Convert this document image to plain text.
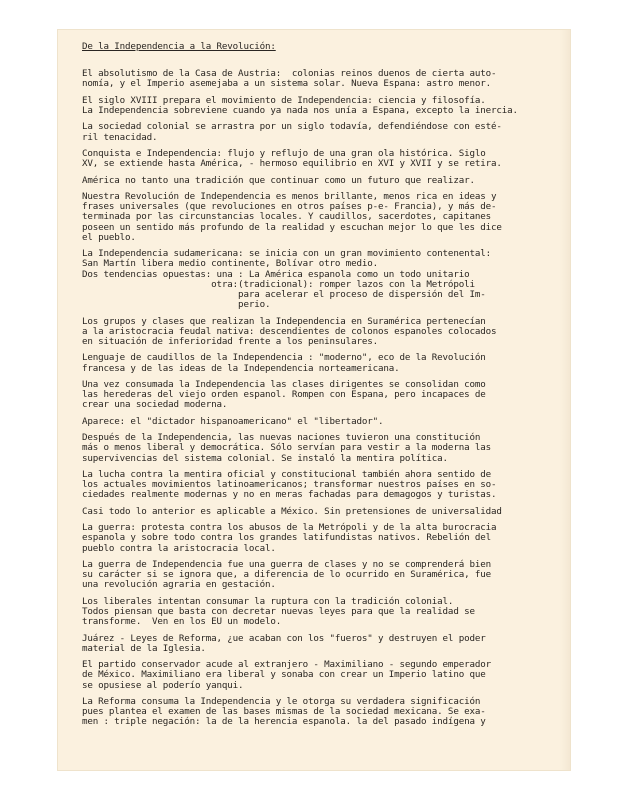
De la Independencia a la Revolución:
El absolutismo de la Casa de Austria:  colonias reinos duenos de cierta auto-
nomía, y el Imperio asemejaba a un sistema solar. Nueva Espana: astro menor.
El siglo XVIII prepara el movimiento de Independencia: ciencia y filosofía.
La Independencia sobreviene cuando ya nada nos unía a Espana, excepto la inercia.
La sociedad colonial se arrastra por un siglo todavía, defendiéndose con esté-
ril tenacidad.
Conquista e Independencia: flujo y reflujo de una gran ola histórica. Siglo
XV, se extiende hasta América, - hermoso equilibrio en XVI y XVII y se retira.
América no tanto una tradición que continuar como un futuro que realizar.
Nuestra Revolución de Independencia es menos brillante, menos rica en ideas y
frases universales (que revoluciones en otros países p-e- Francia), y más de-
terminada por las circunstancias locales. Y caudillos, sacerdotes, capitanes
poseen un sentido más profundo de la realidad y escuchan mejor lo que les dice
el pueblo.
La Independencia sudamericana: se inicia con un gran movimiento contenental:
San Martín libera medio continente, Bolívar otro medio.
Dos tendencias opuestas: una : La América espanola como un todo unitario
otra:(tradicional): romper lazos con la Metrópoli
para acelerar el proceso de dispersión del Im-
perio.
Los grupos y clases que realizan la Independencia en Suramérica pertenecían
a la aristocracia feudal nativa: descendientes de colonos espanoles colocados
en situación de inferioridad frente a los peninsulares.
Lenguaje de caudillos de la Independencia : "moderno", eco de la Revolución
francesa y de las ideas de la Independencia norteamericana.
Una vez consumada la Independencia las clases dirigentes se consolidan como
las herederas del viejo orden espanol. Rompen con Espana, pero incapaces de
crear una sociedad moderna.
Aparece: el "dictador hispanoamericano" el "libertador".
Después de la Independencia, las nuevas naciones tuvieron una constitución
más o menos liberal y democrática. Sólo servían para vestir a la moderna las
supervivencias del sistema colonial. Se instaló la mentira política.
La lucha contra la mentira oficial y constitucional también ahora sentido de
los actuales movimientos latinoamericanos; transformar nuestros países en so-
ciedades realmente modernas y no en meras fachadas para demagogos y turistas.
Casi todo lo anterior es aplicable a México. Sin pretensiones de universalidad
La guerra: protesta contra los abusos de la Metrópoli y de la alta burocracia
espanola y sobre todo contra los grandes latifundistas nativos. Rebelión del
pueblo contra la aristocracia local.
La guerra de Independencia fue una guerra de clases y no se comprenderá bien
su carácter si se ignora que, a diferencia de lo ocurrido en Suramérica, fue
una revolución agraria en gestación.
Los liberales intentan consumar la ruptura con la tradición colonial.
Todos piensan que basta con decretar nuevas leyes para que la realidad se
transforme.  Ven en los EU un modelo.
Juárez - Leyes de Reforma, ¿ue acaban con los "fueros" y destruyen el poder
material de la Iglesia.
El partido conservador acude al extranjero - Maximiliano - segundo emperador
de México. Maximiliano era liberal y sonaba con crear un Imperio latino que
se opusiese al poderío yanqui.
La Reforma consuma la Independencia y le otorga su verdadera significación
pues plantea el examen de las bases mismas de la sociedad mexicana. Se exa-
men : triple negación: la de la herencia espanola. la del pasado indígena y
